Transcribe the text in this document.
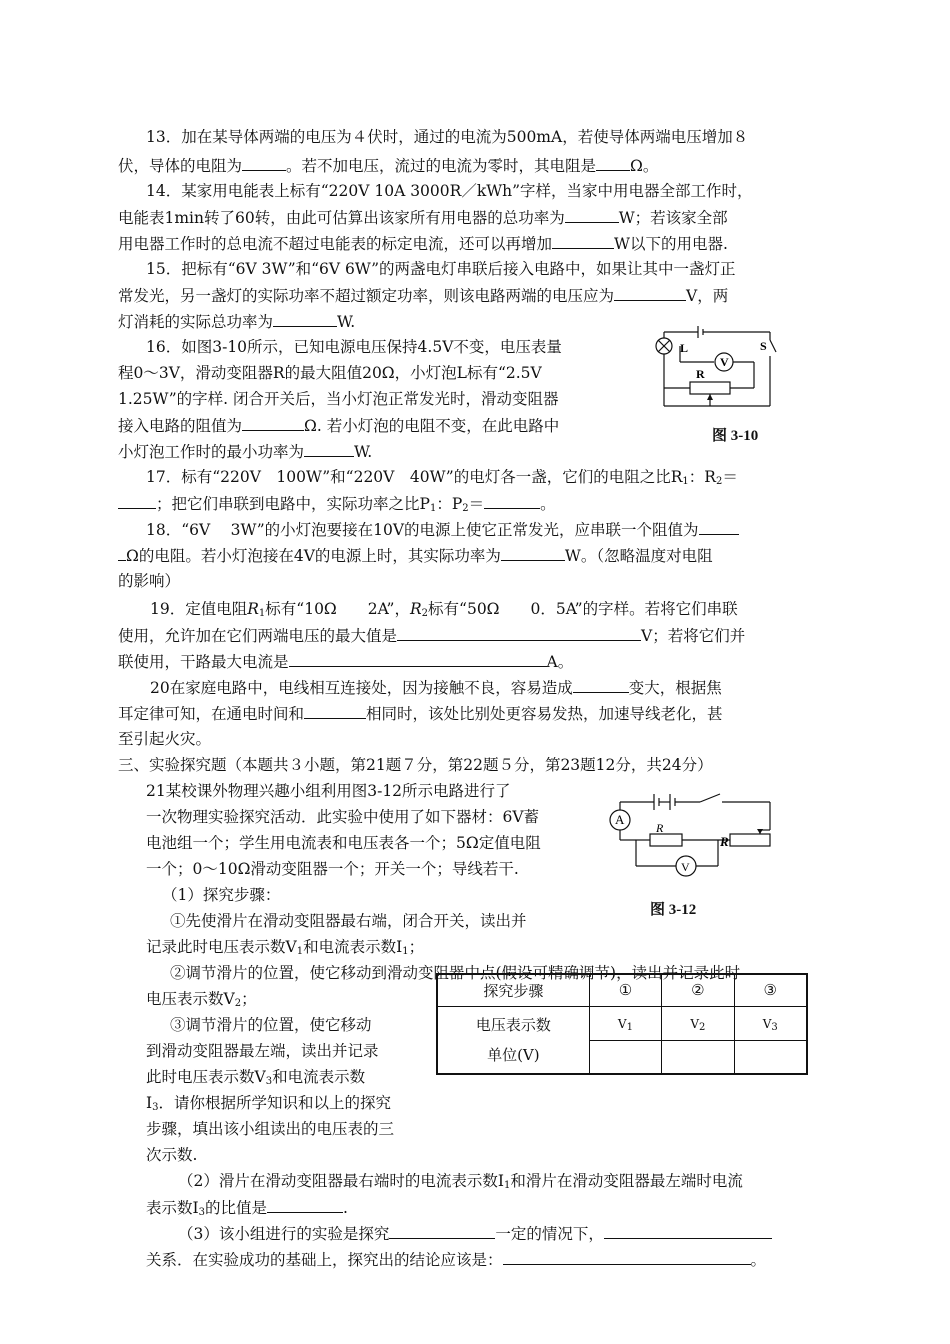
13．加在某导体两端的电压为４伏时，通过的电流为500mA，若使导体两端电压增加８
伏，导体的电阻为	。若不加电压，流过的电流为零时，其电阻是 Ω。
14．某家用电能表上标有“220V 10A 3000R／kWh”字样，当家中用电器全部工作时，
电能表1min转了60转，由此可估算出该家所有用电器的总功率为	W；若该家全部
用电器工作时的总电流不超过电能表的标定电流，还可以再增加	W以下的用电器.
15．把标有“6V 3W”和“6V 6W”的两盏电灯串联后接入电路中，如果让其中一盏灯正
常发光，另一盏灯的实际功率不超过额定功率，则该电路两端的电压应为	V，两
灯消耗的实际总功率为	W.
16．如图3-10所示，已知电源电压保持4.5V不变，电压表量
程0～3V，滑动变阻器R的最大阻值20Ω，小灯泡L标有“2.5V
1.25W”的字样. 闭合开关后，当小灯泡正常发光时，滑动变阻器
接入电路的阻值为	Ω. 若小灯泡的电阻不变，在此电路中
小灯泡工作时的最小功率为	W.
L	S
V
R
图 3-10
17．标有“220V　100W”和“220V　40W”的电灯各一盏，它们的电阻之比$R_1$：$R_2=$
；把它们串联到电路中，实际功率之比$P_1$：$P_2=$	。
18．“6V　 3W”的小灯泡要接在10V的电源上使它正常发光，应串联一个阻值为
Ω的电阻。若小灯泡接在4V的电源上时，其实际功率为	W。（忽略温度对电阻
的影响）
19．定值电阻$R_1$标有“10Ω　　2A”，$R_2$标有“50Ω　　0．5A”的字样。若将它们串联
使用，允许加在它们两端电压的最大值是	V；若将它们并
联使用，干路最大电流是	A。
20在家庭电路中，电线相互连接处，因为接触不良，容易造成	变大，根据焦
耳定律可知，在通电时间和	相同时，该处比别处更容易发热，加速导线老化，甚
至引起火灾。
三、实验探究题（本题共３小题，第21题７分，第22题５分，第23题12分，共24分）
21某校课外物理兴趣小组利用图3-12所示电路进行了
一次物理实验探究活动．此实验中使用了如下器材：6V蓄
电池组一个；学生用电流表和电压表各一个；5Ω定值电阻
一个；0～10Ω滑动变阻器一个；开关一个；导线若干.
（1）探究步骤：
①先使滑片在滑动变阻器最右端，闭合开关，读出并
记录此时电压表示数$V_1$和电流表示数$I_1$；
②调节滑片的位置，使它移动到滑动变阻器中点(假设可精确调节)，读出并记录此时
电压表示数$V_2$；
③调节滑片的位置，使它移动
到滑动变阻器最左端，读出并记录
此时电压表示数$V_3$和电流表示数
$I_3$．请你根据所学知识和以上的探究
步骤，填出该小组读出的电压表的三
次示数.
A
R
R
V
图 3-12
探究步骤	①	②	③

电压表示数
单位(V)	$V_1$	$V_2$	$V_3$

（2）滑片在滑动变阻器最右端时的电流表示数$I_1$和滑片在滑动变阻器最左端时电流
表示数$I_3$的比值是	.
（3）该小组进行的实验是探究	一定的情况下，
关系．在实验成功的基础上，探究出的结论应该是：	。
